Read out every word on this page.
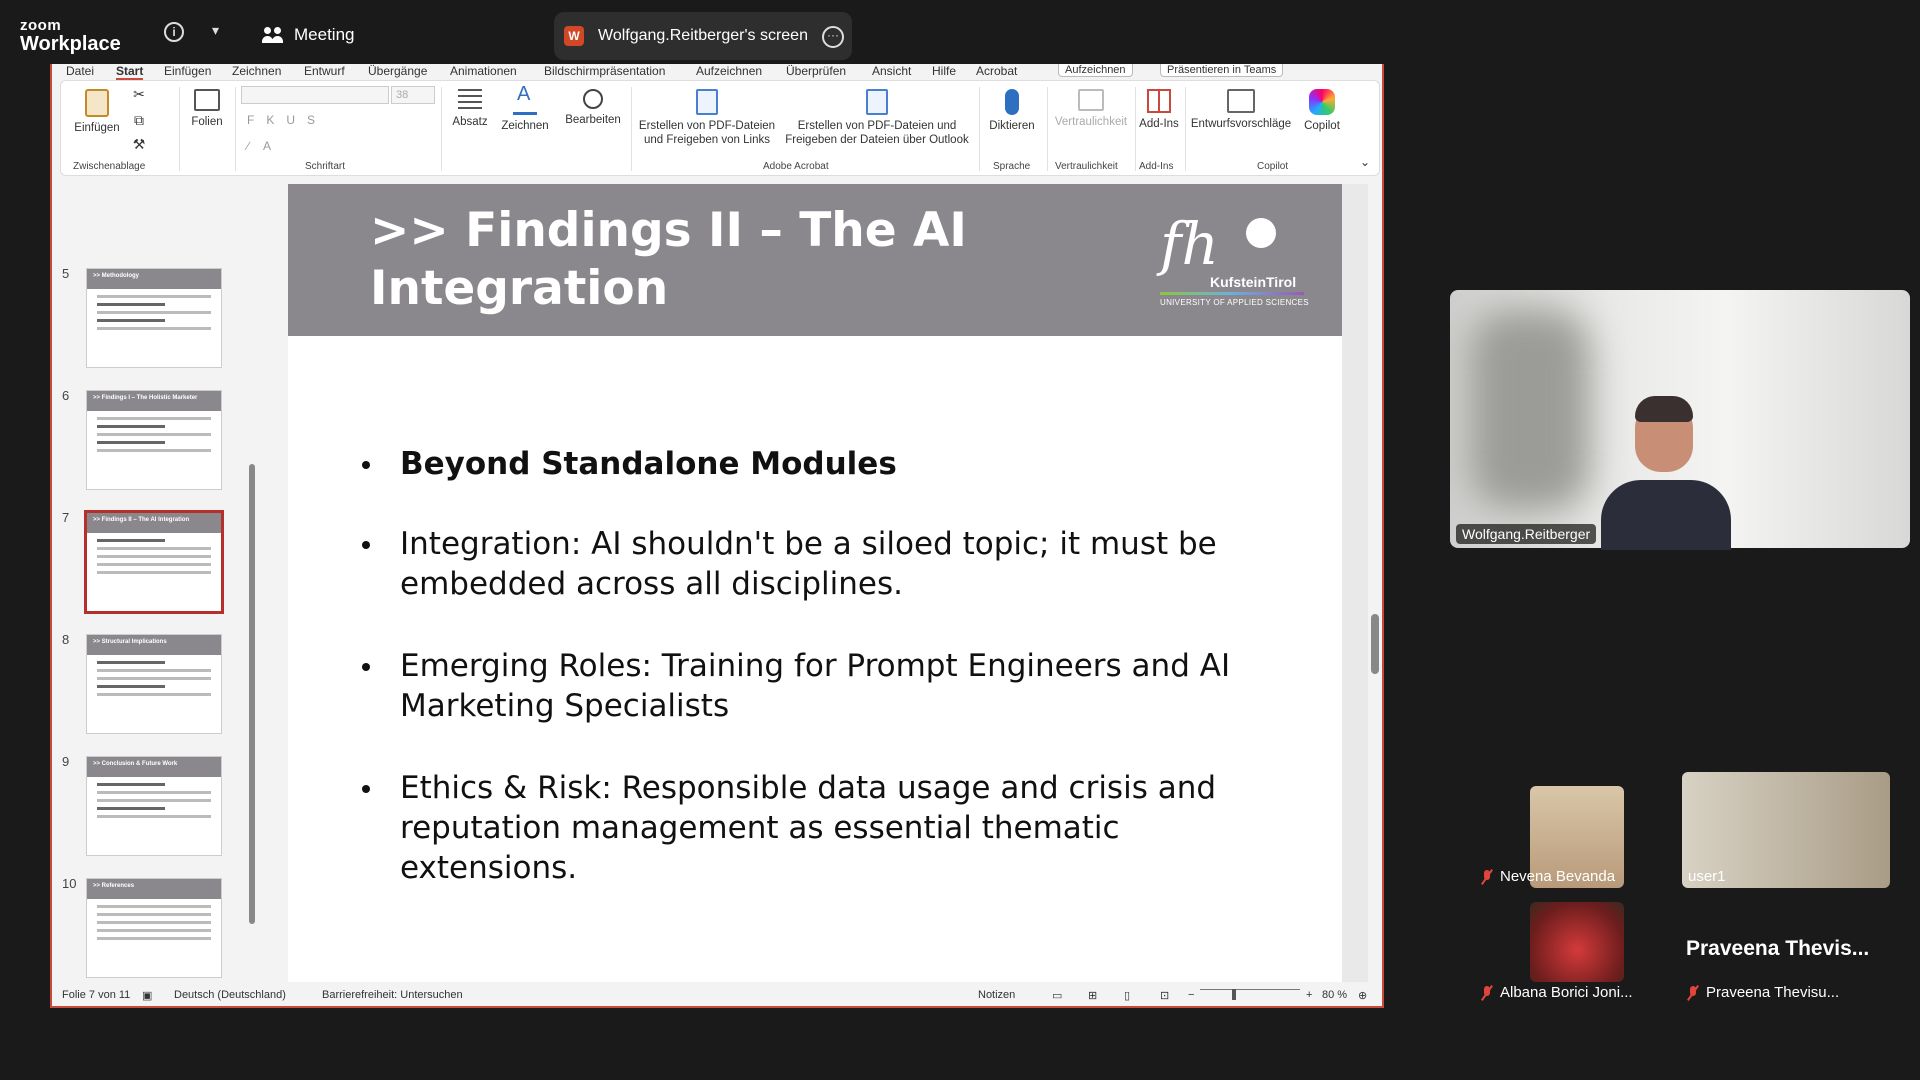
zoom
Workplace
i	▾	Meeting	W Wolfgang.Reitberger's screen	···
Datei Start Einfügen Zeichnen Entwurf Übergänge Animationen Bildschirmpräsentation	Aufzeichnen Überprüfen Ansicht Hilfe Acrobat	Aufzeichnen	Präsentieren in Teams
Einfügen
✂
⧉
⚒
Zwischenablage
Folien
38
FKUS
∕A
Schriftart
Absatz
A	Zeichnen	Bearbeiten	Erstellen von PDF-Dateien und Freigeben von Links
Erstellen von PDF-Dateien und Freigeben der Dateien über Outlook
Adobe Acrobat
Diktieren
Sprache
Vertraulichkeit
Vertraulichkeit
Add-Ins
Add-Ins
Entwurfsvorschläge	Copilot
Copilot	⌄
5	>> Methodology
6	>> Findings I – The Holistic Marketer
7	>> Findings II – The AI Integration
8	>> Structural Implications
9	>> Conclusion & Future Work
10	>> References
>> Findings II – The AI Integration
fh
KufsteinTirol
UNIVERSITY OF APPLIED SCIENCES
Beyond Standalone Modules
Integration: AI shouldn't be a siloed topic; it must be embedded across all disciplines.
Emerging Roles: Training for Prompt Engineers and AI Marketing Specialists
Ethics & Risk: Responsible data usage and crisis and reputation management as essential thematic extensions.
Folie 7 von 11 ▣ Deutsch (Deutschland)	Barrierefreiheit: Untersuchen	Notizen	▭ ⊞ ▯	⊡ −	+ 80 % ⊕
Wolfgang.Reitberger
Nevena Bevanda	user1
Albana Borici Joni...
Praveena Thevis...
Praveena Thevisu...
